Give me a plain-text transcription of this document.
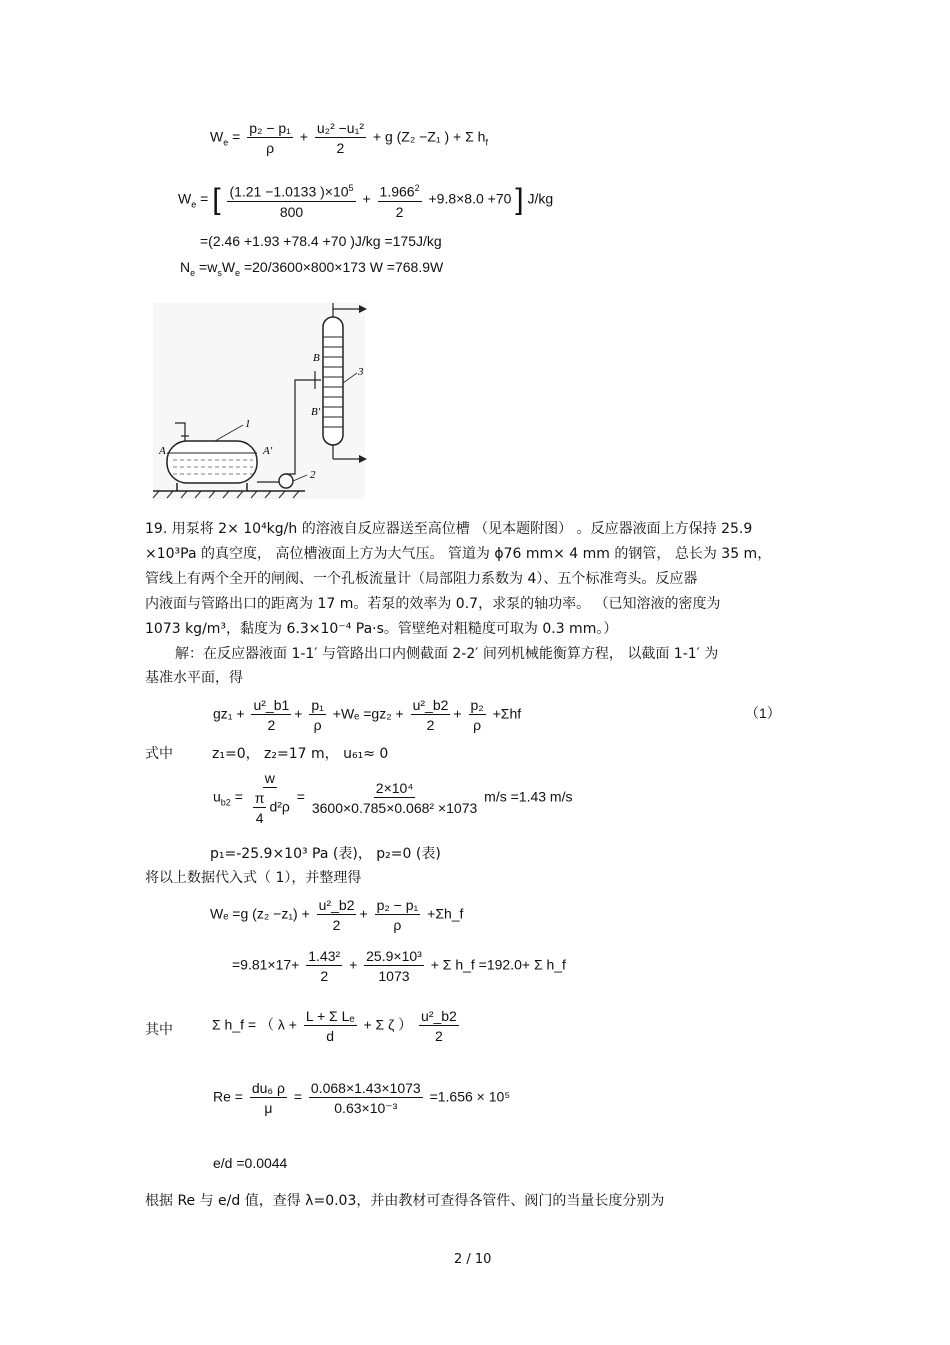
$W_e = \frac{\text{p₂ − p₁}}{\rho} + \frac{\text{u₂² −u₁²}}{2} + g$ (Z₂ −Z₁ ) + Σ $h_f$
$W_e$ = [ $\frac{(1.21 -1.0133 )\times 10^5}{800} + \frac{1.966^2}{2} +9.8\times 8.0 +70$ ] J/kg
=(2.46 +1.93 +78.4 +70 )J/kg =175J/kg
$N_e =w_sW_e =20/3600\times 800\times 173$ W =768.9W
1
A	A′
2
B
B′
3
19. 用泵将 2× 10⁴kg/h 的溶液自反应器送至高位槽 （见本题附图） 。反应器液面上方保持 25.9
×10³Pa 的真空度， 高位槽液面上方为大气压。 管道为 ϕ76 mm× 4 mm 的钢管， 总长为 35 m，
管线上有两个全开的闸阀、一个孔板流量计（局部阻力系数为 4）、五个标准弯头。反应器
内液面与管路出口的距离为 17 m。若泵的效率为 0.7，求泵的轴功率。 （已知溶液的密度为
1073 kg/m³，黏度为 6.3×10⁻⁴ Pa·s。管壁绝对粗糙度可取为 0.3 mm。）
解：在反应器液面 1-1′ 与管路出口内侧截面 2-2′ 间列机械能衡算方程， 以截面 1-1′ 为
基准水平面，得
$gz_1 + \frac{\text{u²\_b1}}{2} + \frac{\text{p₁}}{\rho} +W_e =gz_2 + \frac{\text{u²\_b2}}{2} + \frac{\text{p₂}}{\rho}$ +Σh⁦f	（1）
式中	z₁=0， z₂=17 m， u₆₁≈ 0
$u_{b2} = \frac{w}{\frac{\pi}{4} d^2\rho} = \frac{\text{2×10⁴}}{\text{3600×0.785×0.068² ×1073}} m/s =1.43$ m/s
p₁=-25.9×10³ Pa (表)， p₂=0 (表)
将以上数据代入式（ 1），并整理得
Wₑ =g $(z_2 -z_1) + \frac{\text{u²\_b2}}{2} + \frac{\text{p₂ − p₁}}{\rho}$ +Σh_f
$=9.81\times 17+ \frac{\text{1.43²}}{2} + \frac{\text{25.9×10³}}{1073} + \Sigma$ h_f =192.0+ Σ h_f
其中	Σ h_f = （ $\lambda + \frac{\text{L + Σ Lₑ}}{d} + \Sigma$ ζ ） $\frac{\text{u²\_b2}}{2}$
$Re = \frac{\text{du₆ ρ}}{\mu} = \frac{0.068\times 1.43\times 1073}{\text{0.63×10⁻³}} =1.656 \times 10^5$
e/d =0.0044
根据 Re 与 e/d 值，查得 λ=0.03，并由教材可查得各管件、阀门的当量长度分别为
2 / 10
